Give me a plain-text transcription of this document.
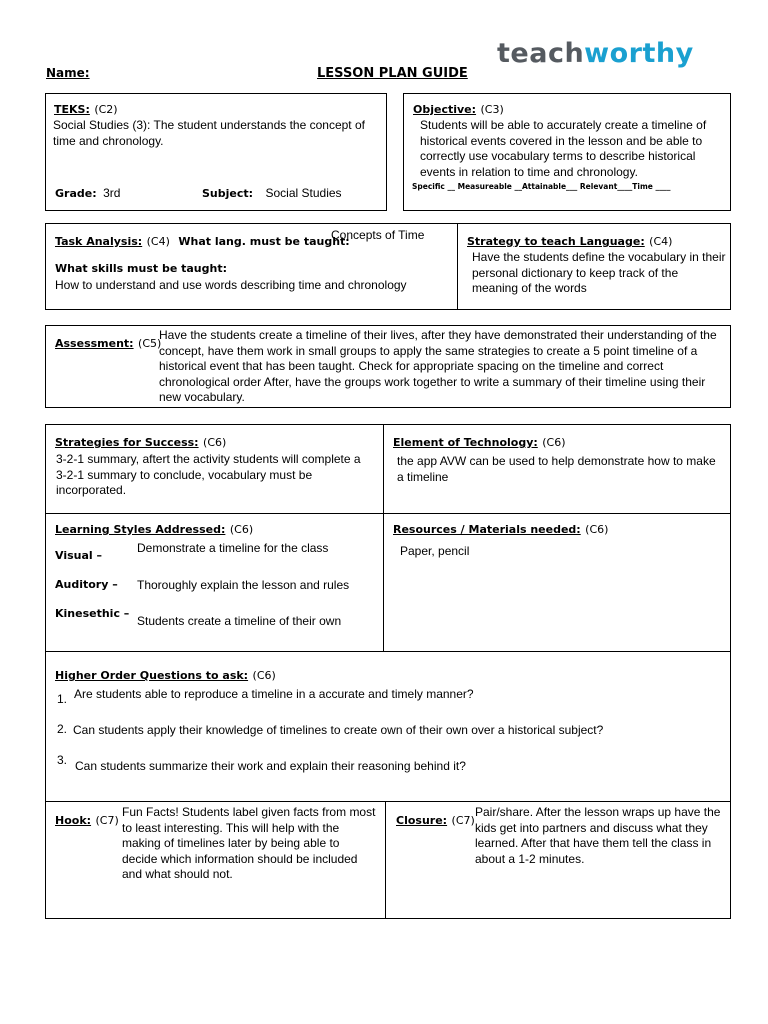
Name:	LESSON PLAN GUIDE
teachworthy
TEKS: (C2)
Social Studies (3): The student understands the concept of time and chronology.
Grade: 3rd	Subject: Social Studies
Objective: (C3)
Students will be able to accurately create a timeline of historical events covered in the lesson and be able to correctly use vocabulary terms to describe historical events in relation to time and chronology.
Specific __ Measureable __Attainable___ Relevant____Time ____
Task Analysis: (C4) What lang. must be taught:
Concepts of Time
What skills must be taught:
How to understand and use words describing time and chronology
Strategy to teach Language: (C4)
Have the students define the vocabulary in their personal dictionary to keep track of the meaning of the words
Assessment: (C5)
Have the students create a timeline of their lives, after they have demonstrated their understanding of the concept, have them work in small groups to apply the same strategies to create a 5 point timeline of a historical event that has been taught. Check for appropriate spacing on the timeline and correct chronological order After, have the groups work together to write a summary of their timeline using their new vocabulary.
Strategies for Success: (C6)
3-2-1 summary, aftert the activity students will complete a 3-2-1 summary to conclude, vocabulary must be incorporated.
Element of Technology: (C6)
the app AVW can be used to help demonstrate how to make a timeline
Learning Styles Addressed: (C6)
Visual –
Demonstrate a timeline for the class
Auditory – Thoroughly explain the lesson and rules
Kinesethic –
Students create a timeline of their own
Resources / Materials needed: (C6)
Paper, pencil
Higher Order Questions to ask: (C6)
1. Are students able to reproduce a timeline in a accurate and timely manner?
2. Can students apply their knowledge of timelines to create own of their own over a historical subject?
3. Can students summarize their work and explain their reasoning behind it?
Hook: (C7)
Fun Facts! Students label given facts from most to least interesting. This will help with the making of timelines later by being able to decide which information should be included and what should not.
Closure: (C7)
Pair/share. After the lesson wraps up have the kids get into partners and discuss what they learned. After that have them tell the class in about a 1-2 minutes.
